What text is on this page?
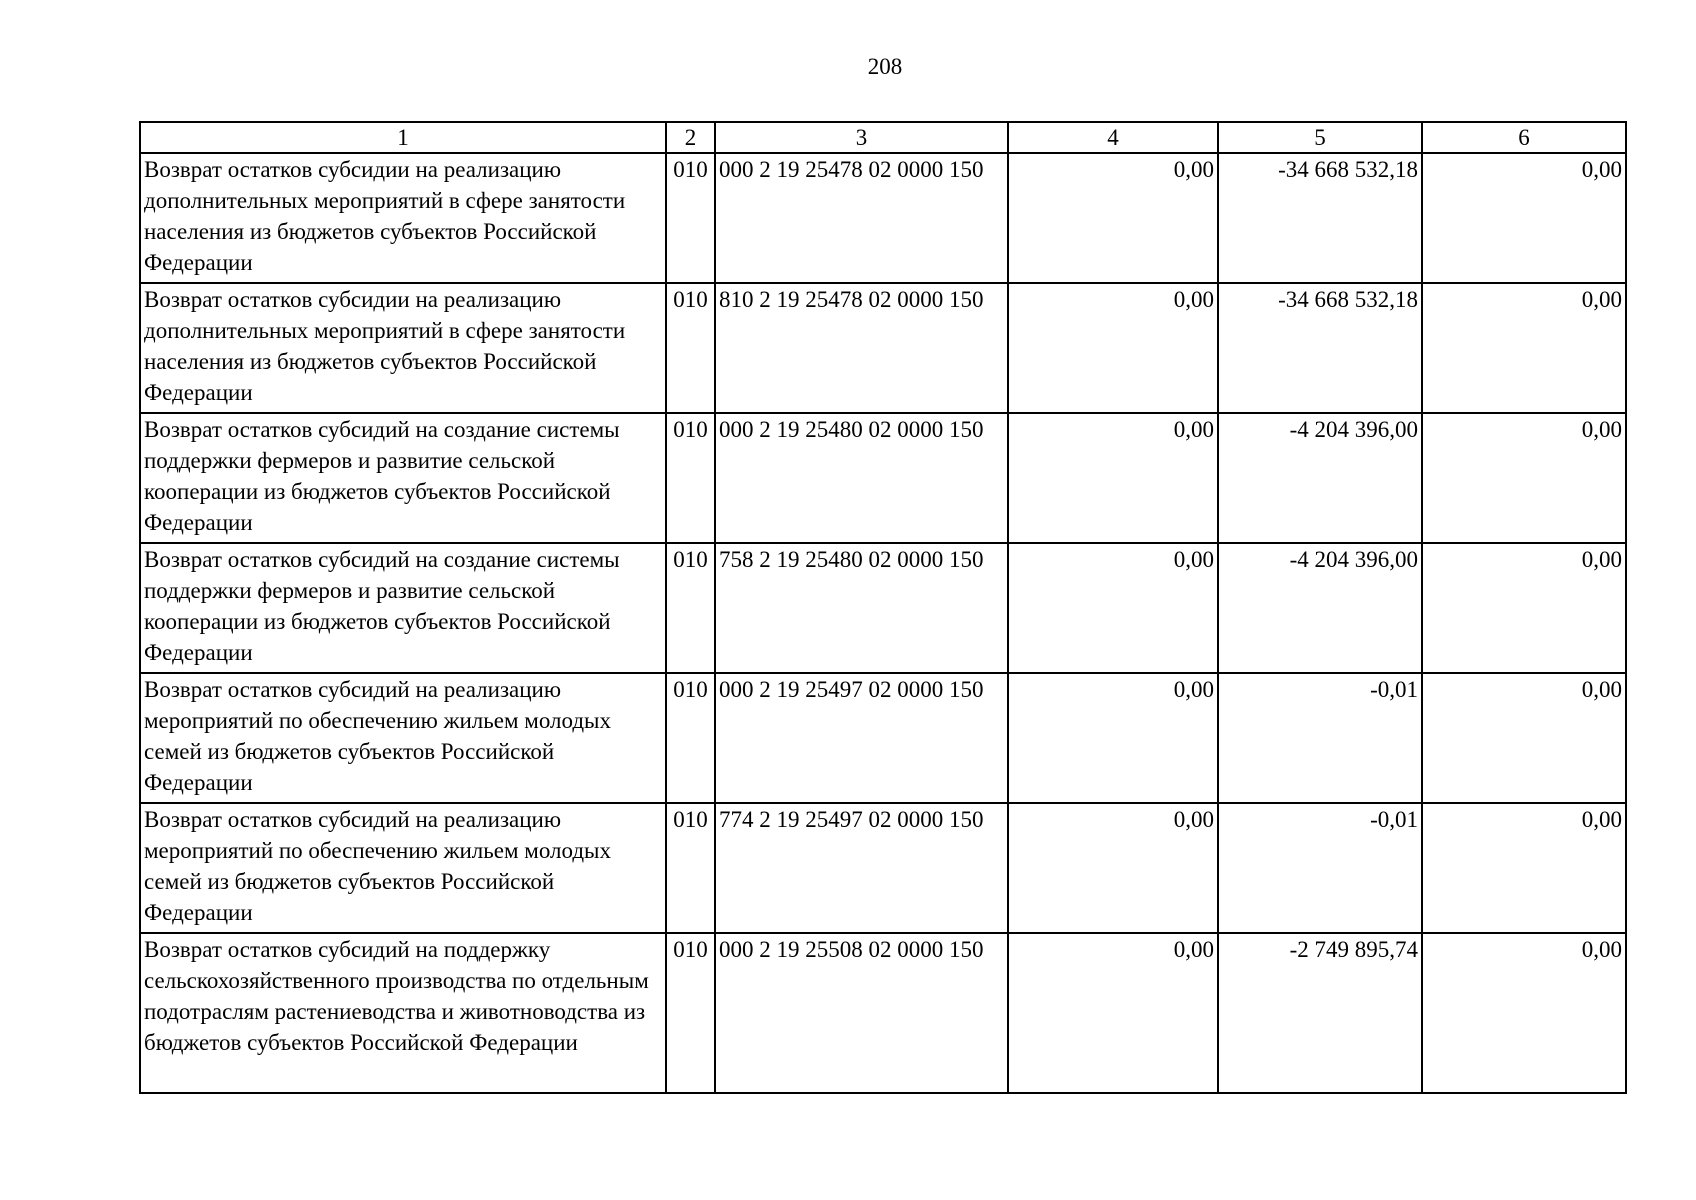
208
1	2	3	4	5	6
Возврат остатков субсидии на реализацию дополнительных мероприятий в сфере занятости населения из бюджетов субъектов Российской Федерации	010	000 2 19 25478 02 0000 150	0,00	-34 668 532,18	0,00
Возврат остатков субсидии на реализацию дополнительных мероприятий в сфере занятости населения из бюджетов субъектов Российской Федерации	010	810 2 19 25478 02 0000 150	0,00	-34 668 532,18	0,00
Возврат остатков субсидий на создание системы поддержки фермеров и развитие сельской кооперации из бюджетов субъектов Российской Федерации	010	000 2 19 25480 02 0000 150	0,00	-4 204 396,00	0,00
Возврат остатков субсидий на создание системы поддержки фермеров и развитие сельской кооперации из бюджетов субъектов Российской Федерации	010	758 2 19 25480 02 0000 150	0,00	-4 204 396,00	0,00
Возврат остатков субсидий на реализацию мероприятий по обеспечению жильем молодых семей из бюджетов субъектов Российской Федерации	010	000 2 19 25497 02 0000 150	0,00	-0,01	0,00
Возврат остатков субсидий на реализацию мероприятий по обеспечению жильем молодых семей из бюджетов субъектов Российской Федерации	010	774 2 19 25497 02 0000 150	0,00	-0,01	0,00
Возврат остатков субсидий на поддержку сельскохозяйственного производства по отдельным подотраслям растениеводства и животноводства из бюджетов субъектов Российской Федерации	010	000 2 19 25508 02 0000 150	0,00	-2 749 895,74	0,00
